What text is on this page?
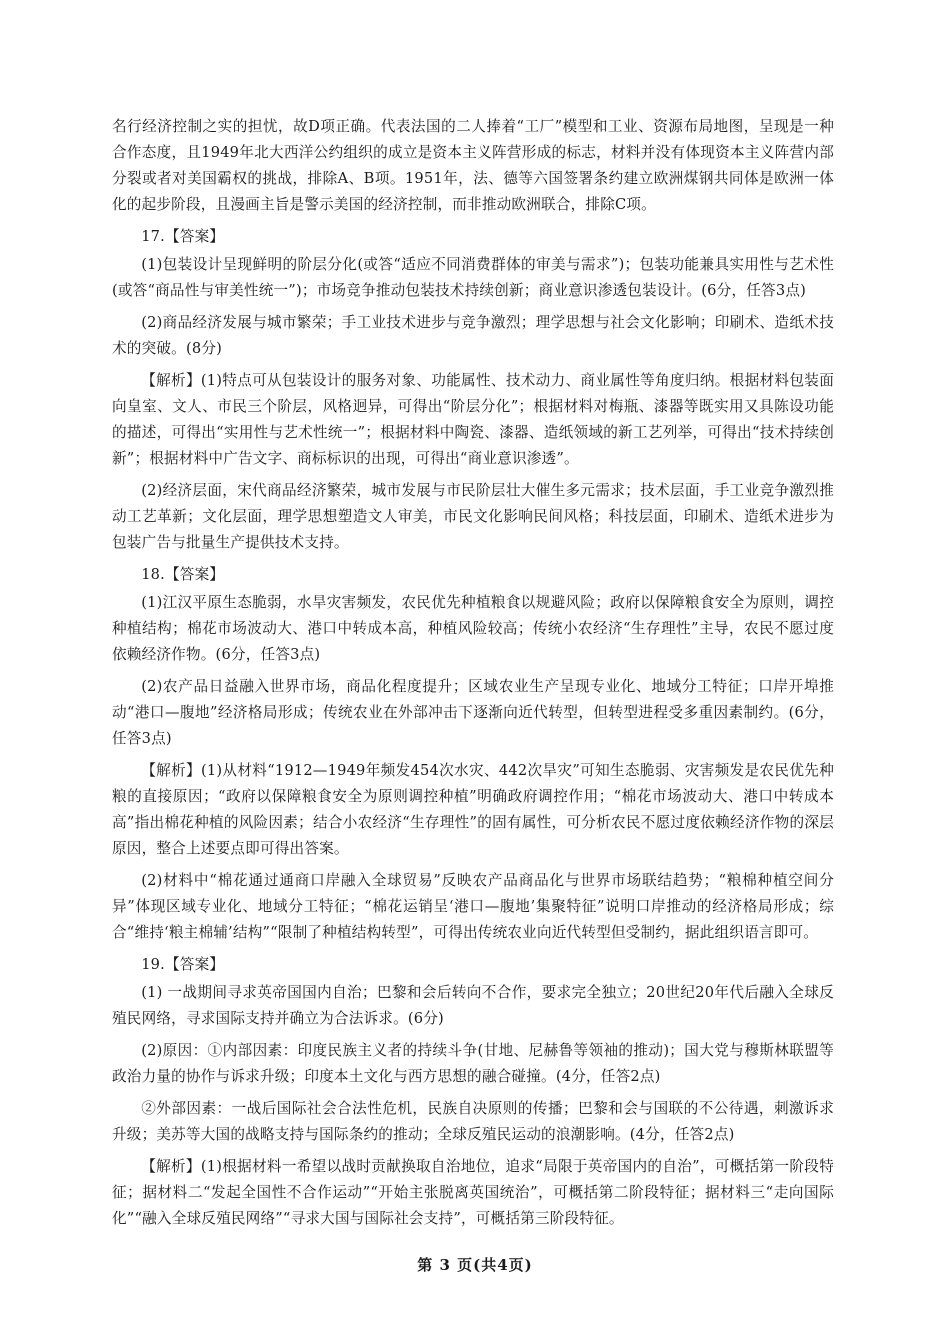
名行经济控制之实的担忧，故D项正确。代表法国的二人捧着“工厂”模型和工业、资源布局地图，呈现是一种合作态度，且1949年北大西洋公约组织的成立是资本主义阵营形成的标志，材料并没有体现资本主义阵营内部分裂或者对美国霸权的挑战，排除A、B项。1951年，法、德等六国签署条约建立欧洲煤钢共同体是欧洲一体化的起步阶段，且漫画主旨是警示美国的经济控制，而非推动欧洲联合，排除C项。

17.【答案】

(1)包装设计呈现鲜明的阶层分化(或答“适应不同消费群体的审美与需求”)；包装功能兼具实用性与艺术性(或答“商品性与审美性统一”)；市场竞争推动包装技术持续创新；商业意识渗透包装设计。(6分，任答3点)

(2)商品经济发展与城市繁荣；手工业技术进步与竞争激烈；理学思想与社会文化影响；印刷术、造纸术技术的突破。(8分)

【解析】(1)特点可从包装设计的服务对象、功能属性、技术动力、商业属性等角度归纳。根据材料包装面向皇室、文人、市民三个阶层，风格迥异，可得出“阶层分化”；根据材料对梅瓶、漆器等既实用又具陈设功能的描述，可得出“实用性与艺术性统一”；根据材料中陶瓷、漆器、造纸领域的新工艺列举，可得出“技术持续创新”；根据材料中广告文字、商标标识的出现，可得出“商业意识渗透”。

(2)经济层面，宋代商品经济繁荣，城市发展与市民阶层壮大催生多元需求；技术层面，手工业竞争激烈推动工艺革新；文化层面，理学思想塑造文人审美，市民文化影响民间风格；科技层面，印刷术、造纸术进步为包装广告与批量生产提供技术支持。

18.【答案】

(1)江汉平原生态脆弱，水旱灾害频发，农民优先种植粮食以规避风险；政府以保障粮食安全为原则，调控种植结构；棉花市场波动大、港口中转成本高，种植风险较高；传统小农经济“生存理性”主导，农民不愿过度依赖经济作物。(6分，任答3点)

(2)农产品日益融入世界市场，商品化程度提升；区域农业生产呈现专业化、地域分工特征；口岸开埠推动“港口—腹地”经济格局形成；传统农业在外部冲击下逐渐向近代转型，但转型进程受多重因素制约。(6分，任答3点)

【解析】(1)从材料“1912—1949年频发454次水灾、442次旱灾”可知生态脆弱、灾害频发是农民优先种粮的直接原因；“政府以保障粮食安全为原则调控种植”明确政府调控作用；“棉花市场波动大、港口中转成本高”指出棉花种植的风险因素；结合小农经济“生存理性”的固有属性，可分析农民不愿过度依赖经济作物的深层原因，整合上述要点即可得出答案。

(2)材料中“棉花通过通商口岸融入全球贸易”反映农产品商品化与世界市场联结趋势；“粮棉种植空间分异”体现区域专业化、地域分工特征；“棉花运销呈‘港口—腹地’集聚特征”说明口岸推动的经济格局形成；综合“维持‘粮主棉辅’结构”“限制了种植结构转型”，可得出传统农业向近代转型但受制约，据此组织语言即可。

19.【答案】

(1) 一战期间寻求英帝国国内自治；巴黎和会后转向不合作，要求完全独立；20世纪20年代后融入全球反殖民网络，寻求国际支持并确立为合法诉求。(6分)

(2)原因：①内部因素：印度民族主义者的持续斗争(甘地、尼赫鲁等领袖的推动)；国大党与穆斯林联盟等政治力量的协作与诉求升级；印度本土文化与西方思想的融合碰撞。(4分，任答2点)

②外部因素：一战后国际社会合法性危机，民族自决原则的传播；巴黎和会与国联的不公待遇，刺激诉求升级；美苏等大国的战略支持与国际条约的推动；全球反殖民运动的浪潮影响。(4分，任答2点)

【解析】(1)根据材料一希望以战时贡献换取自治地位，追求“局限于英帝国内的自治”，可概括第一阶段特征；据材料二“发起全国性不合作运动”“开始主张脱离英国统治”，可概括第二阶段特征；据材料三“走向国际化”“融入全球反殖民网络”“寻求大国与国际社会支持”，可概括第三阶段特征。

第 3 页(共4页)
